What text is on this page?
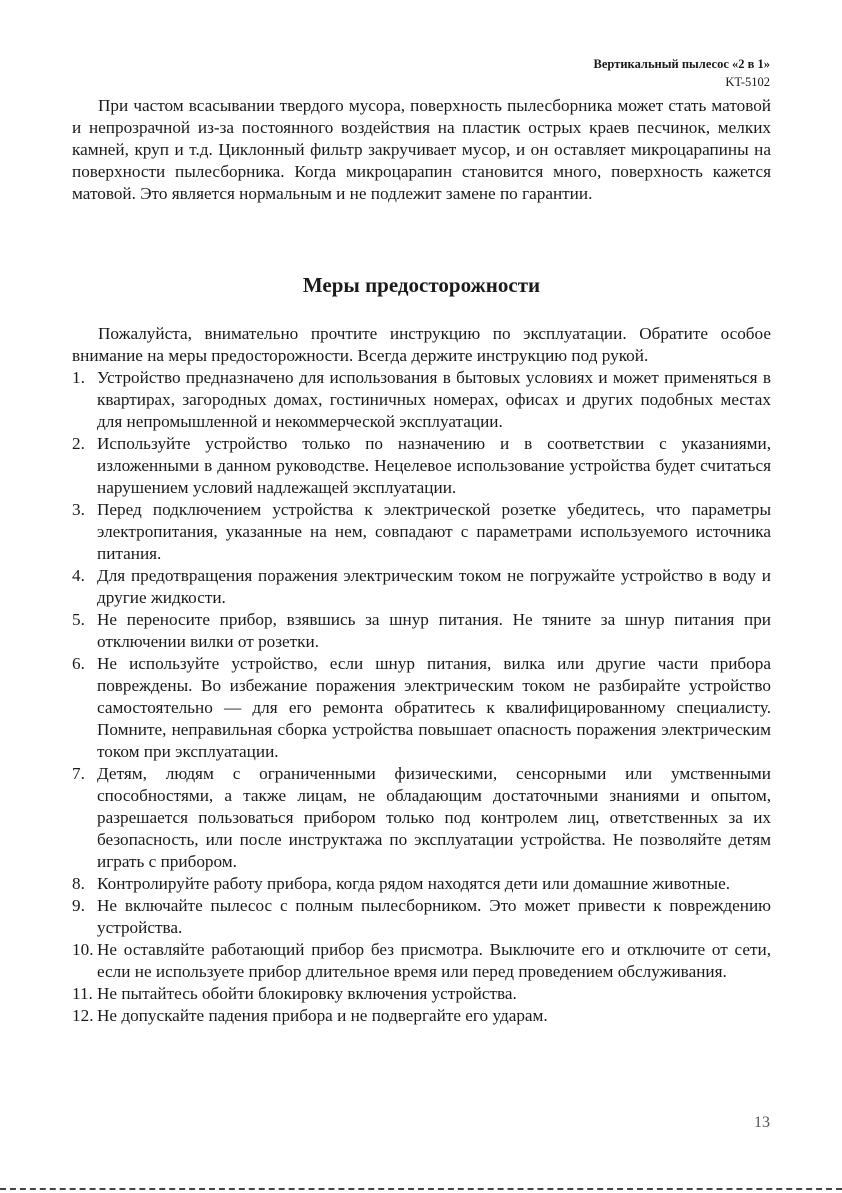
Вертикальный пылесос «2 в 1»
KT-5102

При частом всасывании твердого мусора, поверхность пылесборника может стать матовой и непрозрачной из-за постоянного воздействия на пластик острых краев песчинок, мелких камней, круп и т.д. Циклонный фильтр закручивает мусор, и он оставляет микроцарапины на поверхности пылесборника. Когда микроцарапин становится много, поверхность кажется матовой. Это является нормальным и не подлежит замене по гарантии.

Меры предосторожности

Пожалуйста, внимательно прочтите инструкцию по эксплуатации. Обратите особое внимание на меры предосторожности. Всегда держите инструкцию под рукой.

1. Устройство предназначено для использования в бытовых условиях и может применяться в квартирах, загородных домах, гостиничных номерах, офисах и других подобных местах для непромышленной и некоммерческой эксплуатации.
2. Используйте устройство только по назначению и в соответствии с указаниями, изложенными в данном руководстве. Нецелевое использование устройства будет считаться нарушением условий надлежащей эксплуатации.
3. Перед подключением устройства к электрической розетке убедитесь, что параметры электропитания, указанные на нем, совпадают с параметрами используемого источника питания.
4. Для предотвращения поражения электрическим током не погружайте устройство в воду и другие жидкости.
5. Не переносите прибор, взявшись за шнур питания. Не тяните за шнур питания при отключении вилки от розетки.
6. Не используйте устройство, если шнур питания, вилка или другие части прибора повреждены. Во избежание поражения электрическим током не разбирайте устройство самостоятельно — для его ремонта обратитесь к квалифицированному специалисту. Помните, неправильная сборка устройства повышает опасность поражения электрическим током при эксплуатации.
7. Детям, людям с ограниченными физическими, сенсорными или умственными способностями, а также лицам, не обладающим достаточными знаниями и опытом, разрешается пользоваться прибором только под контролем лиц, ответственных за их безопасность, или после инструктажа по эксплуатации устройства. Не позволяйте детям играть с прибором.
8. Контролируйте работу прибора, когда рядом находятся дети или домашние животные.
9. Не включайте пылесос с полным пылесборником. Это может привести к повреждению устройства.
10. Не оставляйте работающий прибор без присмотра. Выключите его и отключите от сети, если не используете прибор длительное время или перед проведением обслуживания.
11. Не пытайтесь обойти блокировку включения устройства.
12. Не допускайте падения прибора и не подвергайте его ударам.
13
